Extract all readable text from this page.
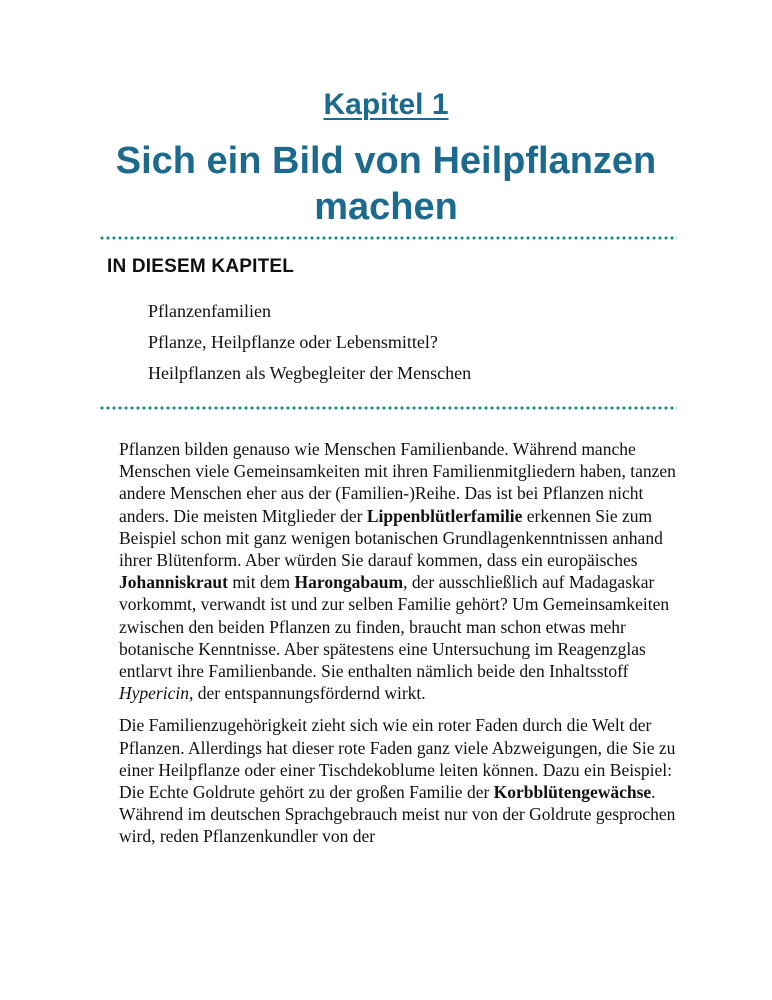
Kapitel 1
Sich ein Bild von Heilpflanzen machen
IN DIESEM KAPITEL
Pflanzenfamilien
Pflanze, Heilpflanze oder Lebensmittel?
Heilpflanzen als Wegbegleiter der Menschen

Pflanzen bilden genauso wie Menschen Familienbande. Während manche Menschen viele Gemeinsamkeiten mit ihren Familienmitgliedern haben, tanzen andere Menschen eher aus der (Familien-)Reihe. Das ist bei Pflanzen nicht anders. Die meisten Mitglieder der Lippenblütlerfamilie erkennen Sie zum Beispiel schon mit ganz wenigen botanischen Grundlagenkenntnissen anhand ihrer Blütenform. Aber würden Sie darauf kommen, dass ein europäisches Johanniskraut mit dem Harongabaum, der ausschließlich auf Madagaskar vorkommt, verwandt ist und zur selben Familie gehört? Um Gemeinsamkeiten zwischen den beiden Pflanzen zu finden, braucht man schon etwas mehr botanische Kenntnisse. Aber spätestens eine Untersuchung im Reagenzglas entlarvt ihre Familienbande. Sie enthalten nämlich beide den Inhaltsstoff Hypericin, der entspannungsfördernd wirkt.

Die Familienzugehörigkeit zieht sich wie ein roter Faden durch die Welt der Pflanzen. Allerdings hat dieser rote Faden ganz viele Abzweigungen, die Sie zu einer Heilpflanze oder einer Tischdekoblume leiten können. Dazu ein Beispiel: Die Echte Goldrute gehört zu der großen Familie der Korbblütengewächse. Während im deutschen Sprachgebrauch meist nur von der Goldrute gesprochen wird, reden Pflanzenkundler von der
